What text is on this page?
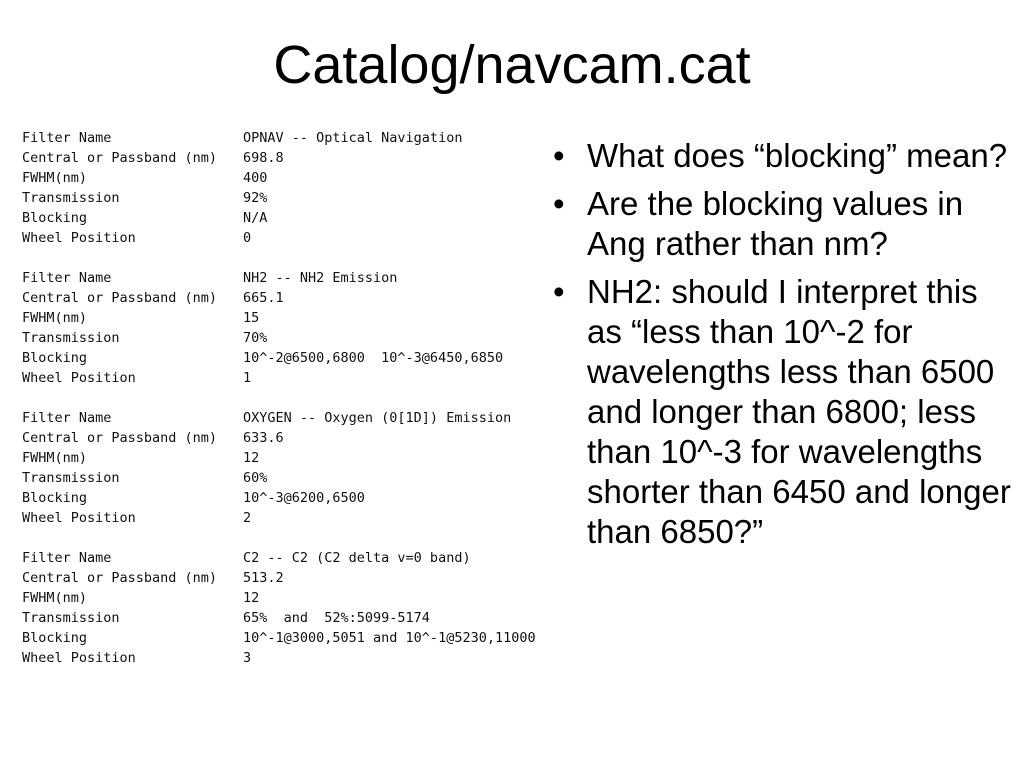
Catalog/navcam.cat
Filter Name	OPNAV -- Optical Navigation
Central or Passband (nm)	698.8
FWHM(nm)	400
Transmission	92%
Blocking	N/A
Wheel Position	0
Filter Name	NH2 -- NH2 Emission
Central or Passband (nm)	665.1
FWHM(nm)	15
Transmission	70%
Blocking	10^-2@6500,6800  10^-3@6450,6850
Wheel Position	1
Filter Name	OXYGEN -- Oxygen (0[1D]) Emission
Central or Passband (nm)	633.6
FWHM(nm)	12
Transmission	60%
Blocking	10^-3@6200,6500
Wheel Position	2
Filter Name	C2 -- C2 (C2 delta v=0 band)
Central or Passband (nm)	513.2
FWHM(nm)	12
Transmission	65%  and  52%:5099-5174
Blocking	10^-1@3000,5051 and 10^-1@5230,11000
Wheel Position	3
• What does “blocking” mean?
• Are the blocking values in Ang rather than nm?
• NH2: should I interpret this as “less than 10^-2 for wavelengths less than 6500 and longer than 6800; less than 10^-3 for wavelengths shorter than 6450 and longer than 6850?”
